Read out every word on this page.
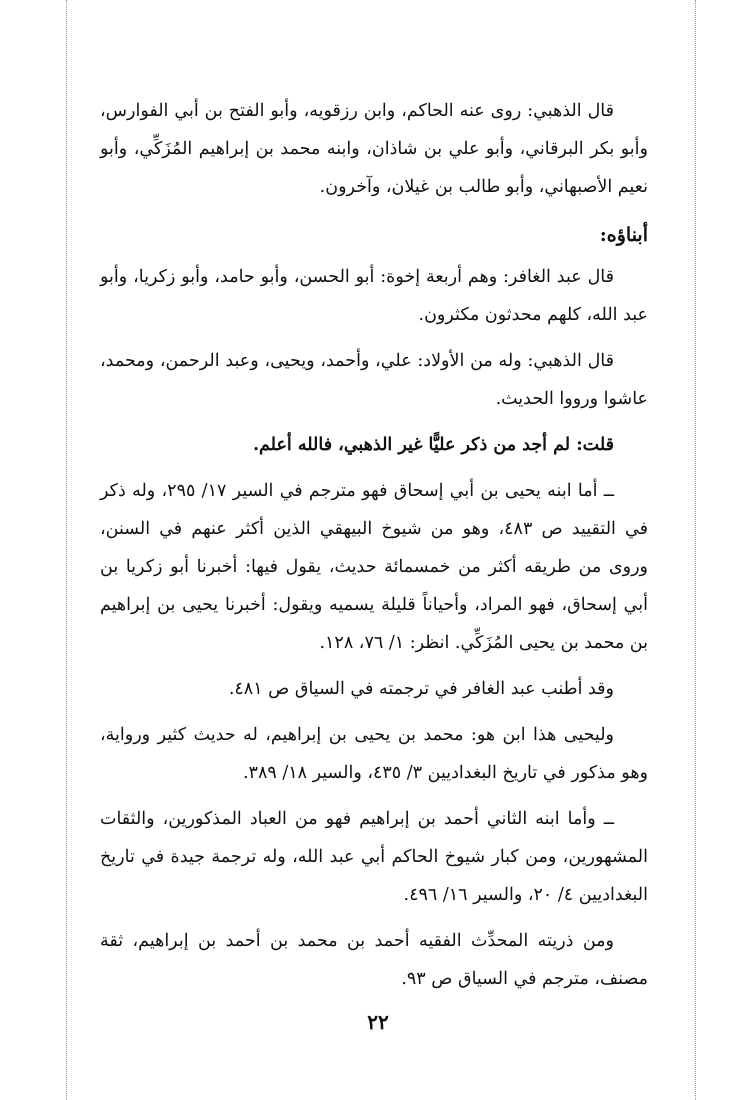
قال الذهبي: روى عنه الحاكم، وابن رزقويه، وأبو الفتح بن أبي الفوارس، وأبو بكر البرقاني، وأبو علي بن شاذان، وابنه محمد بن إبراهيم المُزَكِّي، وأبو نعيم الأصبهاني، وأبو طالب بن غيلان، وآخرون.

أبناؤه:

قال عبد الغافر: وهم أربعة إخوة: أبو الحسن، وأبو حامد، وأبو زكريا، وأبو عبد الله، كلهم محدثون مكثرون.

قال الذهبي: وله من الأولاد: علي، وأحمد، ويحيى، وعبد الرحمن، ومحمد، عاشوا ورووا الحديث.

قلت: لم أجد من ذكر عليًّا غير الذهبي، فالله أعلم.

ــ أما ابنه يحيى بن أبي إسحاق فهو مترجم في السير ١٧/ ٢٩٥، وله ذكر في التقييد ص ٤٨٣، وهو من شيوخ البيهقي الذين أكثر عنهم في السنن، وروى من طريقه أكثر من خمسمائة حديث، يقول فيها: أخبرنا أبو زكريا بن أبي إسحاق، فهو المراد، وأحياناً قليلة يسميه ويقول: أخبرنا يحيى بن إبراهيم بن محمد بن يحيى المُزَكِّي. انظر: ١/ ٧٦، ١٢٨.

وقد أطنب عبد الغافر في ترجمته في السياق ص ٤٨١.

وليحيى هذا ابن هو: محمد بن يحيى بن إبراهيم، له حديث كثير ورواية، وهو مذكور في تاريخ البغداديين ٣/ ٤٣٥، والسير ١٨/ ٣٨٩.

ــ وأما ابنه الثاني أحمد بن إبراهيم فهو من العباد المذكورين، والثقات المشهورين، ومن كبار شيوخ الحاكم أبي عبد الله، وله ترجمة جيدة في تاريخ البغداديين ٤/ ٢٠، والسير ١٦/ ٤٩٦.

ومن ذريته المحدِّث الفقيه أحمد بن محمد بن أحمد بن إبراهيم، ثقة مصنف، مترجم في السياق ص ٩٣.

٢٢
